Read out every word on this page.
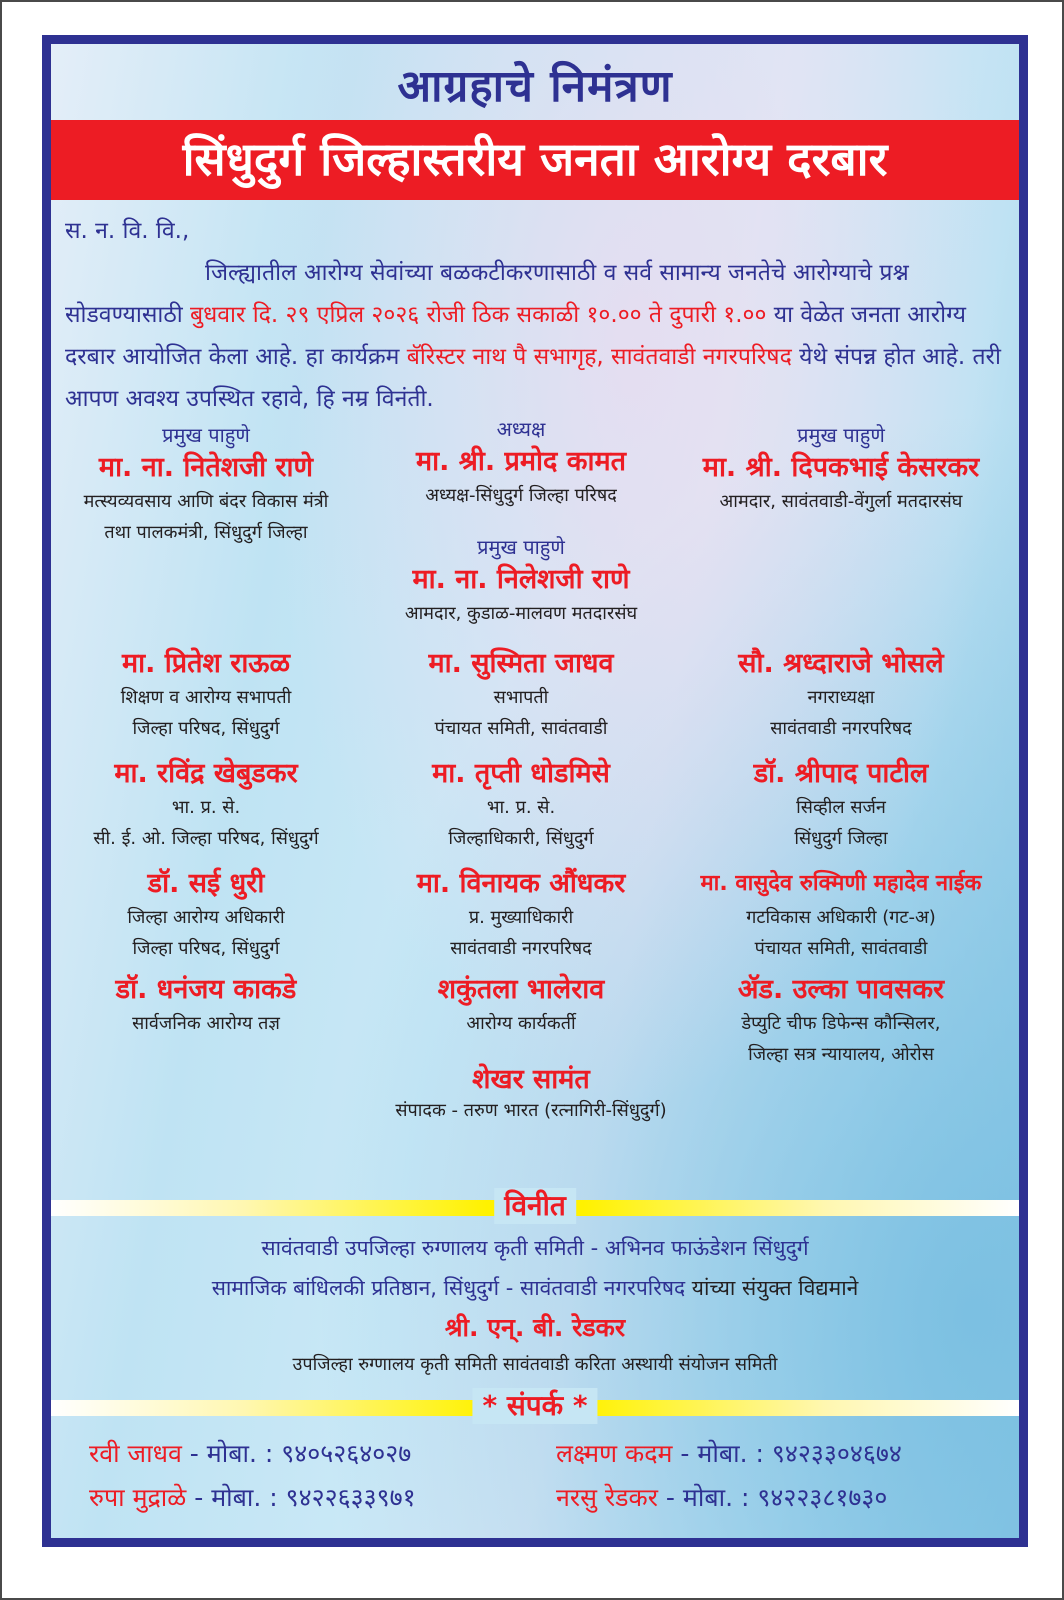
आग्रहाचे निमंत्रण
सिंधुदुर्ग जिल्हास्तरीय जनता आरोग्य दरबार
स. न. वि. वि.,
जिल्ह्यातील आरोग्य सेवांच्या बळकटीकरणासाठी व सर्व सामान्य जनतेचे आरोग्याचे प्रश्न सोडवण्यासाठी बुधवार दि. २९ एप्रिल २०२६ रोजी ठिक सकाळी १०.०० ते दुपारी १.०० या वेळेत जनता आरोग्य दरबार आयोजित केला आहे. हा कार्यक्रम बॅरिस्टर नाथ पै सभागृह, सावंतवाडी नगरपरिषद येथे संपन्न होत आहे. तरी आपण अवश्य उपस्थित रहावे, हि नम्र विनंती.
प्रमुख पाहुणे
मा. ना. नितेशजी राणे
मत्स्यव्यवसाय आणि बंदर विकास मंत्री
तथा पालकमंत्री, सिंधुदुर्ग जिल्हा
अध्यक्ष
मा. श्री. प्रमोद कामत
अध्यक्ष-सिंधुदुर्ग जिल्हा परिषद
प्रमुख पाहुणे
मा. श्री. दिपकभाई केसरकर
आमदार, सावंतवाडी-वेंगुर्ला मतदारसंघ
प्रमुख पाहुणे
मा. ना. निलेशजी राणे
आमदार, कुडाळ-मालवण मतदारसंघ
मा. प्रितेश राऊळ
शिक्षण व आरोग्य सभापती
जिल्हा परिषद, सिंधुदुर्ग
मा. सुस्मिता जाधव
सभापती
पंचायत समिती, सावंतवाडी
सौ. श्रध्दाराजे भोसले
नगराध्यक्षा
सावंतवाडी नगरपरिषद
मा. रविंद्र खेबुडकर
भा. प्र. से.
सी. ई. ओ. जिल्हा परिषद, सिंधुदुर्ग
मा. तृप्ती धोडमिसे
भा. प्र. से.
जिल्हाधिकारी, सिंधुदुर्ग
डॉ. श्रीपाद पाटील
सिव्हील सर्जन
सिंधुदुर्ग जिल्हा
डॉ. सई धुरी
जिल्हा आरोग्य अधिकारी
जिल्हा परिषद, सिंधुदुर्ग
मा. विनायक औंधकर
प्र. मुख्याधिकारी
सावंतवाडी नगरपरिषद
मा. वासुदेव रुक्मिणी महादेव नाईक
गटविकास अधिकारी (गट-अ)
पंचायत समिती, सावंतवाडी
डॉ. धनंजय काकडे
सार्वजनिक आरोग्य तज्ञ
शकुंतला भालेराव
आरोग्य कार्यकर्ती
ॲड. उल्का पावसकर
डेप्युटि चीफ डिफेन्स कौन्सिलर,
जिल्हा सत्र न्यायालय, ओरोस
शेखर सामंत
संपादक - तरुण भारत (रत्नागिरी-सिंधुदुर्ग)
विनीत
सावंतवाडी उपजिल्हा रुग्णालय कृती समिती - अभिनव फाऊंडेशन सिंधुदुर्ग
सामाजिक बांधिलकी प्रतिष्ठान, सिंधुदुर्ग - सावंतवाडी नगरपरिषद यांच्या संयुक्त विद्यमाने
श्री. एन्. बी. रेडकर
उपजिल्हा रुग्णालय कृती समिती सावंतवाडी करिता अस्थायी संयोजन समिती
* संपर्क *
रवी जाधव - मोबा. : ९४०५२६४०२७	लक्ष्मण कदम - मोबा. : ९४२३३०४६७४
रुपा मुद्राळे - मोबा. : ९४२२६३३९७१	नरसु रेडकर - मोबा. : ९४२२३८१७३०
